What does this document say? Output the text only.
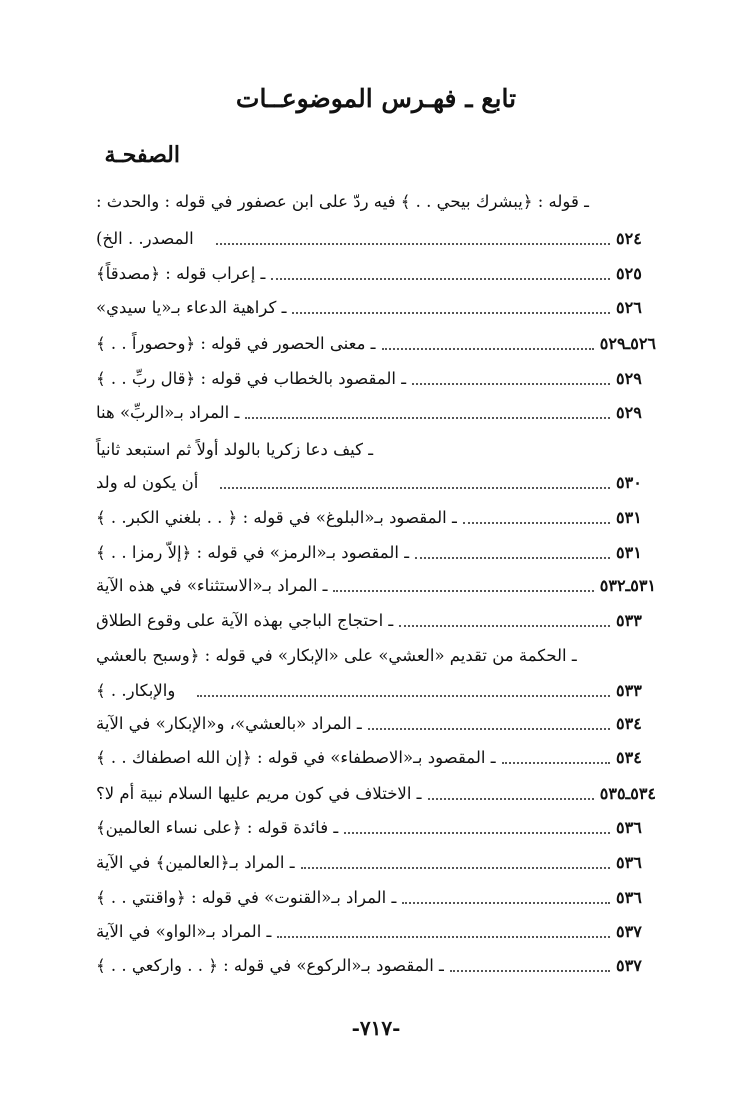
تابع ـ فهـرس الموضوعــات
الصفحـة
ـ قوله : ﴿يبشرك بيحي . . ﴾ فيه ردّ على ابن عصفور في قوله : والحدث :
المصدر. . الخ)	٥٢٤
ـ إعراب قوله : ﴿مصدقاً﴾	٥٢٥
ـ كراهية الدعاء بـ«يا سيدي»	٥٢٦
ـ معنى الحصور في قوله : ﴿وحصوراً . . ﴾	٥٢٦ـ٥٢٩
ـ المقصود بالخطاب في قوله : ﴿قال ربِّ . . ﴾	٥٢٩
ـ المراد بـ«الربِّ» هنا	٥٢٩
ـ كيف دعا زكريا بالولد أولاً ثم استبعد ثانياً
أن يكون له ولد	٥٣٠
ـ المقصود بـ«البلوغ» في قوله : ﴿ . . بلغني الكبر. . ﴾	٥٣١
ـ المقصود بـ«الرمز» في قوله : ﴿إلاّ رمزا . . ﴾	٥٣١
ـ المراد بـ«الاستثناء» في هذه الآية	٥٣١ـ٥٣٢
ـ احتجاج الباجي بهذه الآية على وقوع الطلاق	٥٣٣
ـ الحكمة من تقديم «العشي» على «الإبكار» في قوله : ﴿وسبح بالعشي
والإبكار. . ﴾	٥٣٣
ـ المراد «بالعشي»، و«الإبكار» في الآية	٥٣٤
ـ المقصود بـ«الاصطفاء» في قوله : ﴿إن الله اصطفاك . . ﴾	٥٣٤
ـ الاختلاف في كون مريم عليها السلام نبية أم لا؟	٥٣٤ـ٥٣٥
ـ فائدة قوله : ﴿على نساء العالمين﴾	٥٣٦
ـ المراد بـ﴿العالمين﴾ في الآية	٥٣٦
ـ المراد بـ«القنوت» في قوله : ﴿واقنتي . . ﴾	٥٣٦
ـ المراد بـ«الواو» في الآية	٥٣٧
ـ المقصود بـ«الركوع» في قوله : ﴿ . . واركعي . . ﴾	٥٣٧
-٧١٧-
